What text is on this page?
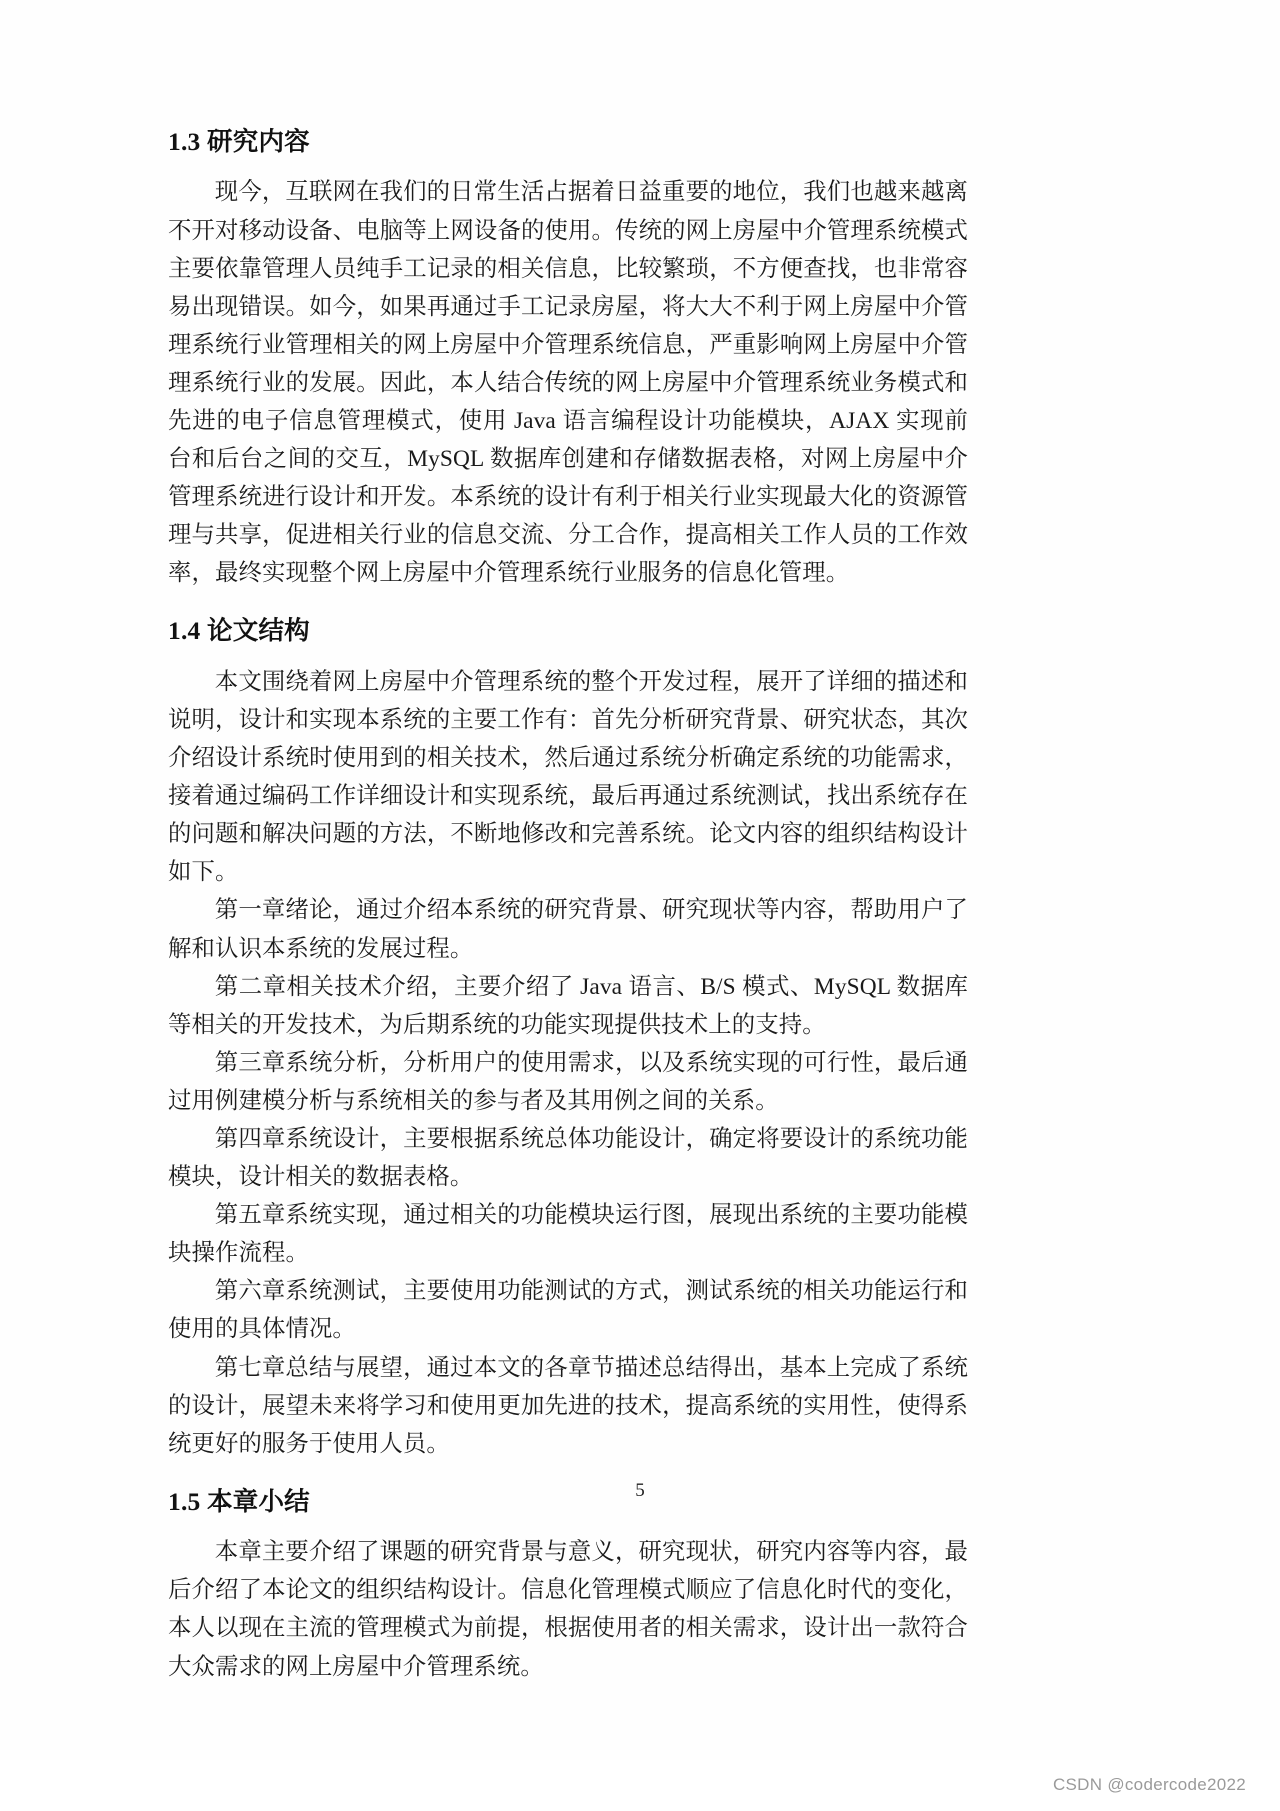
1.3 研究内容

现今，互联网在我们的日常生活占据着日益重要的地位，我们也越来越离不开对移动设备、电脑等上网设备的使用。传统的网上房屋中介管理系统模式主要依靠管理人员纯手工记录的相关信息，比较繁琐，不方便查找，也非常容易出现错误。如今，如果再通过手工记录房屋，将大大不利于网上房屋中介管理系统行业管理相关的网上房屋中介管理系统信息，严重影响网上房屋中介管理系统行业的发展。因此，本人结合传统的网上房屋中介管理系统业务模式和先进的电子信息管理模式，使用 Java 语言编程设计功能模块，AJAX 实现前台和后台之间的交互，MySQL 数据库创建和存储数据表格，对网上房屋中介管理系统进行设计和开发。本系统的设计有利于相关行业实现最大化的资源管理与共享，促进相关行业的信息交流、分工合作，提高相关工作人员的工作效率，最终实现整个网上房屋中介管理系统行业服务的信息化管理。

1.4 论文结构

本文围绕着网上房屋中介管理系统的整个开发过程，展开了详细的描述和说明，设计和实现本系统的主要工作有：首先分析研究背景、研究状态，其次介绍设计系统时使用到的相关技术，然后通过系统分析确定系统的功能需求，接着通过编码工作详细设计和实现系统，最后再通过系统测试，找出系统存在的问题和解决问题的方法，不断地修改和完善系统。论文内容的组织结构设计如下。

第一章绪论，通过介绍本系统的研究背景、研究现状等内容，帮助用户了解和认识本系统的发展过程。

第二章相关技术介绍，主要介绍了 Java 语言、B/S 模式、MySQL 数据库等相关的开发技术，为后期系统的功能实现提供技术上的支持。

第三章系统分析，分析用户的使用需求，以及系统实现的可行性，最后通过用例建模分析与系统相关的参与者及其用例之间的关系。

第四章系统设计，主要根据系统总体功能设计，确定将要设计的系统功能模块，设计相关的数据表格。

第五章系统实现，通过相关的功能模块运行图，展现出系统的主要功能模块操作流程。

第六章系统测试，主要使用功能测试的方式，测试系统的相关功能运行和使用的具体情况。

第七章总结与展望，通过本文的各章节描述总结得出，基本上完成了系统的设计，展望未来将学习和使用更加先进的技术，提高系统的实用性，使得系统更好的服务于使用人员。

1.5 本章小结

本章主要介绍了课题的研究背景与意义，研究现状，研究内容等内容，最后介绍了本论文的组织结构设计。信息化管理模式顺应了信息化时代的变化，本人以现在主流的管理模式为前提，根据使用者的相关需求，设计出一款符合大众需求的网上房屋中介管理系统。

5
CSDN @codercode2022
